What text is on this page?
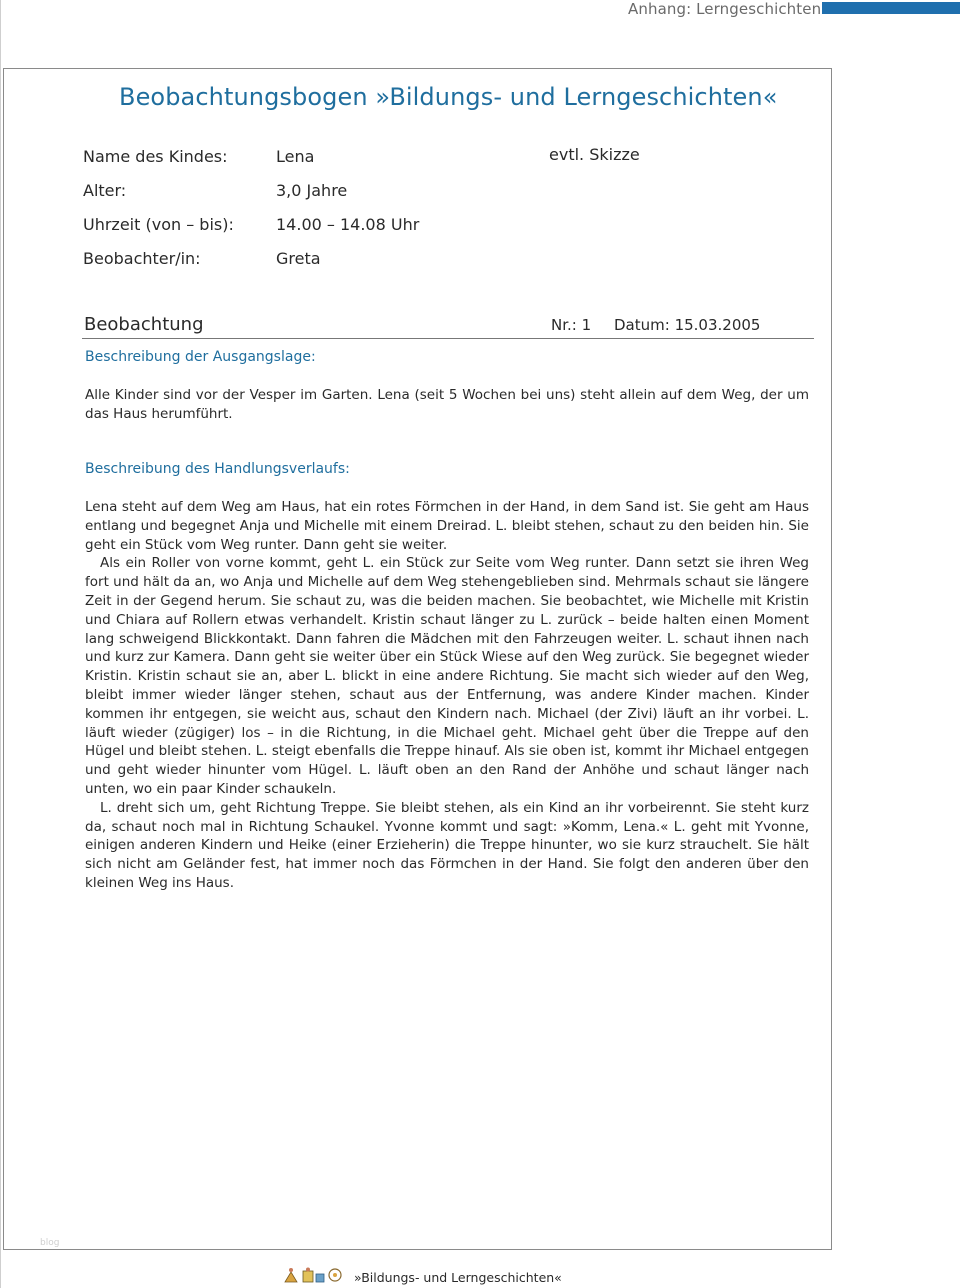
Anhang: Lerngeschichten
Beobachtungsbogen »Bildungs- und Lerngeschichten«
Name des Kindes:	Lena
Alter:	3,0 Jahre
Uhrzeit (von – bis):	14.00 – 14.08 Uhr
Beobachter/in:	Greta
evtl. Skizze
Beobachtung	Nr.: 1 Datum: 15.03.2005
Beschreibung der Ausgangslage:

Alle Kinder sind vor der Vesper im Garten. Lena (seit 5 Wochen bei uns) steht allein auf dem Weg, der um das Haus herumführt.

Beschreibung des Handlungsverlaufs:

Lena steht auf dem Weg am Haus, hat ein rotes Förmchen in der Hand, in dem Sand ist. Sie geht am Haus entlang und begegnet Anja und Michelle mit einem Dreirad. L. bleibt stehen, schaut zu den beiden hin. Sie geht ein Stück vom Weg runter. Dann geht sie weiter.

Als ein Roller von vorne kommt, geht L. ein Stück zur Seite vom Weg runter. Dann setzt sie ihren Weg fort und hält da an, wo Anja und Michelle auf dem Weg stehengeblieben sind. Mehrmals schaut sie längere Zeit in der Gegend herum. Sie schaut zu, was die beiden machen. Sie beobachtet, wie Michelle mit Kristin und Chiara auf Rollern etwas verhandelt. Kristin schaut länger zu L. zurück – beide halten einen Moment lang schweigend Blickkontakt. Dann fahren die Mädchen mit den Fahrzeugen weiter. L. schaut ihnen nach und kurz zur Kamera. Dann geht sie weiter über ein Stück Wiese auf den Weg zurück. Sie begegnet wieder Kristin. Kristin schaut sie an, aber L. blickt in eine andere Richtung. Sie macht sich wieder auf den Weg, bleibt immer wieder länger stehen, schaut aus der Entfernung, was andere Kinder machen. Kinder kommen ihr entgegen, sie weicht aus, schaut den Kindern nach. Michael (der Zivi) läuft an ihr vorbei. L. läuft wieder (zügiger) los – in die Richtung, in die Michael geht. Michael geht über die Treppe auf den Hügel und bleibt stehen. L. steigt ebenfalls die Treppe hinauf. Als sie oben ist, kommt ihr Michael entgegen und geht wieder hinunter vom Hügel. L. läuft oben an den Rand der Anhöhe und schaut länger nach unten, wo ein paar Kinder schaukeln.

L. dreht sich um, geht Richtung Treppe. Sie bleibt stehen, als ein Kind an ihr vorbeirennt. Sie steht kurz da, schaut noch mal in Richtung Schaukel. Yvonne kommt und sagt: »Komm, Lena.« L. geht mit Yvonne, einigen anderen Kindern und Heike (einer Erzieherin) die Treppe hinunter, wo sie kurz strauchelt. Sie hält sich nicht am Geländer fest, hat immer noch das Förmchen in der Hand. Sie folgt den anderen über den kleinen Weg ins Haus.

blog
»Bildungs- und Lerngeschichten«
